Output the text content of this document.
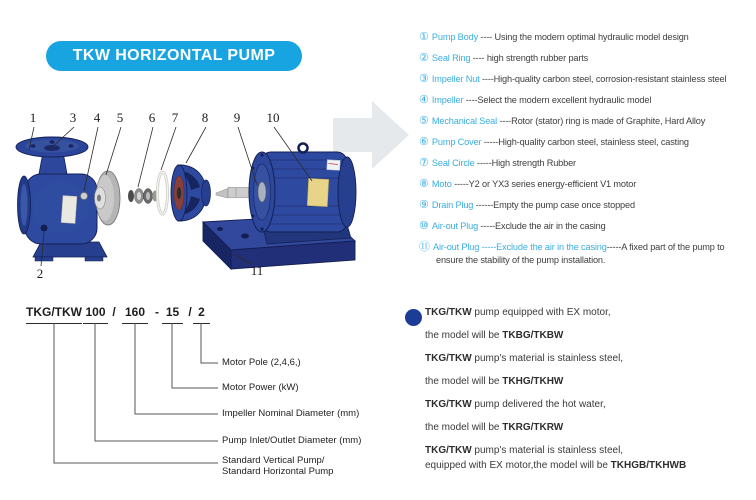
TKW HORIZONTAL PUMP
1	3 4 5 6 7 8 9 10
2	11
① Pump Body ---- Using the modern optimal hydraulic model design
② Seal Ring ---- high strength rubber parts
③ Impeller Nut ----High-quality carbon steel, corrosion-resistant stainless steel
④ Impeller ----Select the modern excellent hydraulic model
⑤ Mechanical Seal ----Rotor (stator) ring is made of Graphite, Hard Alloy
⑥ Pump Cover -----High-quality carbon steel, stainless steel, casting
⑦ Seal Circle -----High strength Rubber
⑧ Moto -----Y2 or YX3 series energy-efficient V1 motor
⑨ Drain Plug ------Empty the pump case once stopped
⑩ Air-out Plug -----Exclude the air in the casing
⑪ Air-out Plug -----Exclude the air in the casing-----A fixed part of the pump to
ensure the stability of the pump installation.
TKG/TKW 100 / 160 - 15 / 2
Motor Pole (2,4,6,)
Motor Power (kW)
Impeller Nominal Diameter (mm)
Pump Inlet/Outlet Diameter (mm)
Standard Vertical Pump/
Standard Horizontal Pump
TKG/TKW pump equipped with EX motor,
the model will be TKBG/TKBW
TKG/TKW pump's material is stainless steel,
the model will be TKHG/TKHW
TKG/TKW pump delivered the hot water,
the model will be TKRG/TKRW
TKG/TKW pump's material is stainless steel,
equipped with EX motor,the model will be TKHGB/TKHWB
